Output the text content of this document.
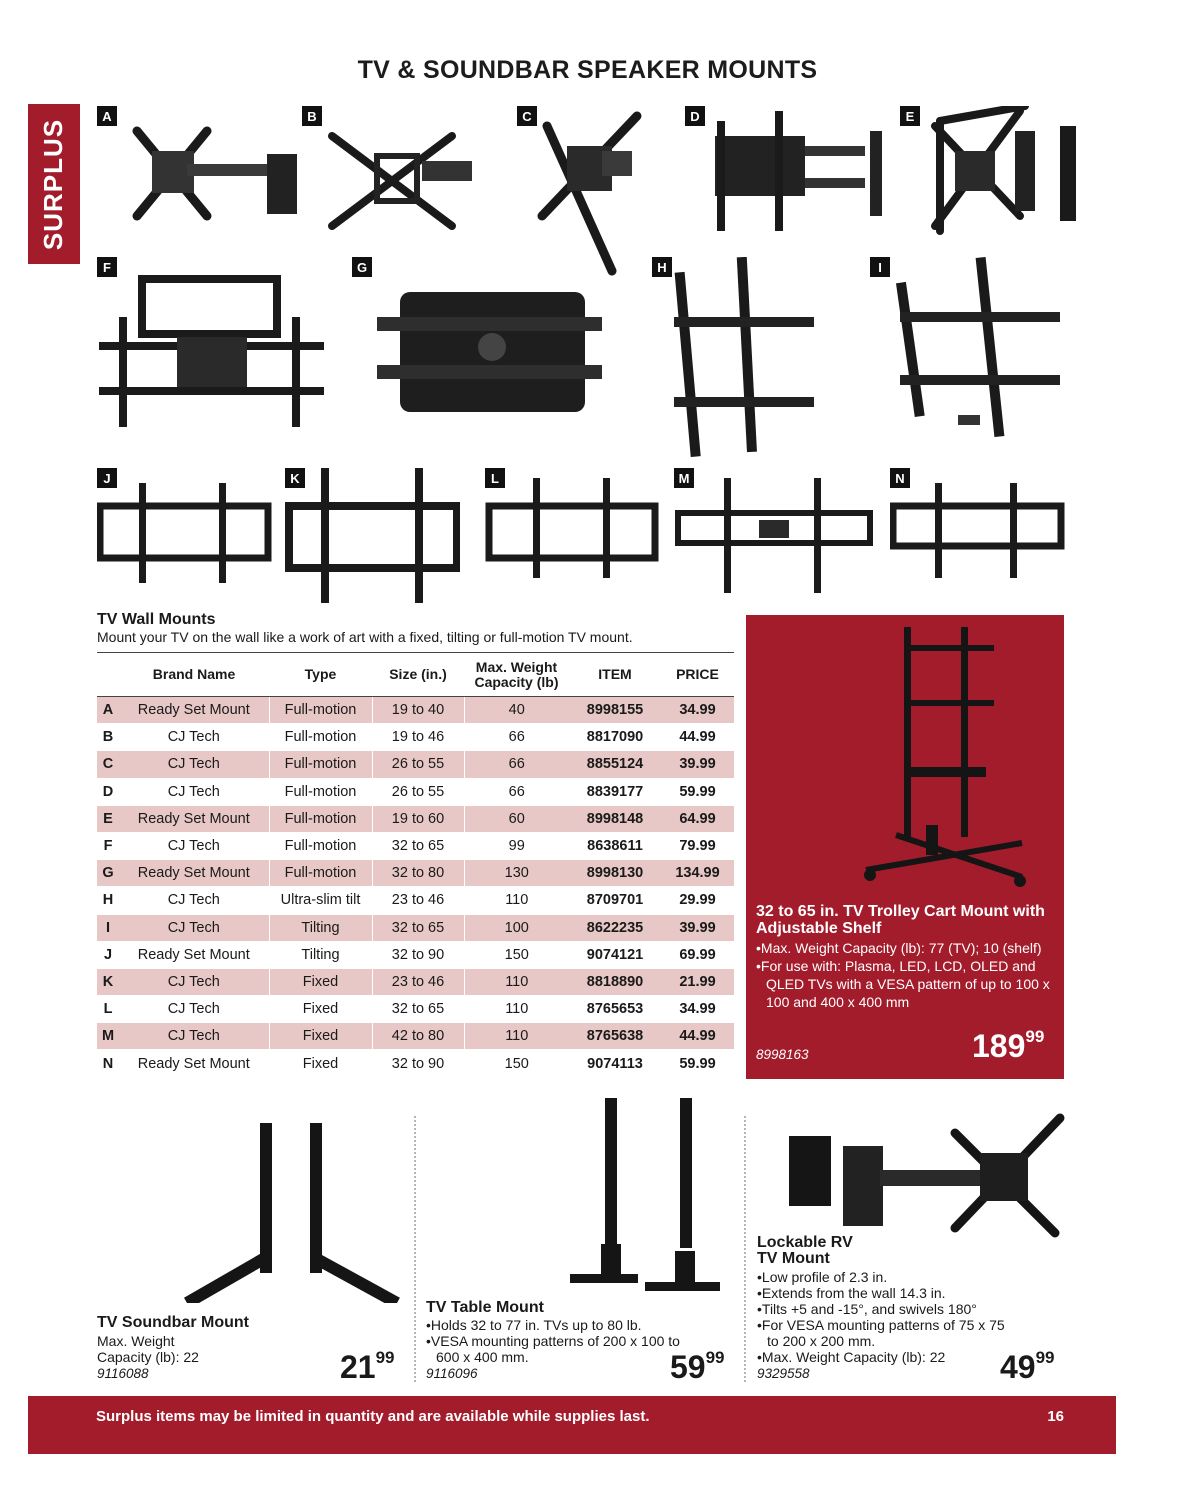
TV & SOUNDBAR SPEAKER MOUNTS
SURPLUS
A	B	C	D	E
F	G	H	I
J	K	L	M	N
TV Wall Mounts
Mount your TV on the wall like a work of art with a fixed, tilting or full-motion TV mount.
	Brand Name	Type	Size (in.)	Max. Weight Capacity (lb)	ITEM	PRICE
A	Ready Set Mount	Full-motion	19 to 40	40	8998155	34.99
B	CJ Tech	Full-motion	19 to 46	66	8817090	44.99
C	CJ Tech	Full-motion	26 to 55	66	8855124	39.99
D	CJ Tech	Full-motion	26 to 55	66	8839177	59.99
E	Ready Set Mount	Full-motion	19 to 60	60	8998148	64.99
F	CJ Tech	Full-motion	32 to 65	99	8638611	79.99
G	Ready Set Mount	Full-motion	32 to 80	130	8998130	134.99
H	CJ Tech	Ultra-slim tilt	23 to 46	110	8709701	29.99
I	CJ Tech	Tilting	32 to 65	100	8622235	39.99
J	Ready Set Mount	Tilting	32 to 90	150	9074121	69.99
K	CJ Tech	Fixed	23 to 46	110	8818890	21.99
L	CJ Tech	Fixed	32 to 65	110	8765653	34.99
M	CJ Tech	Fixed	42 to 80	110	8765638	44.99
N	Ready Set Mount	Fixed	32 to 90	150	9074113	59.99
32 to 65 in. TV Trolley Cart Mount with Adjustable Shelf
•Max. Weight Capacity (lb): 77 (TV); 10 (shelf)
•For use with: Plasma, LED, LCD, OLED and QLED TVs with a VESA pattern of up to 100 x 100 and 400 x 400 mm
8998163	$189^{99}$
TV Soundbar Mount
Max. Weight Capacity (lb): 22
9116088	$21^{99}$
TV Table Mount
•Holds 32 to 77 in. TVs up to 80 lb.
•VESA mounting patterns of 200 x 100 to 600 x 400 mm.
9116096	$59^{99}$
Lockable RV TV Mount
•Low profile of 2.3 in.
•Extends from the wall 14.3 in.
•Tilts +5 and -15°, and swivels 180°
•For VESA mounting patterns of 75 x 75 to 200 x 200 mm.
•Max. Weight Capacity (lb): 22
9329558	$49^{99}$
Surplus items may be limited in quantity and are available while supplies last.	16
